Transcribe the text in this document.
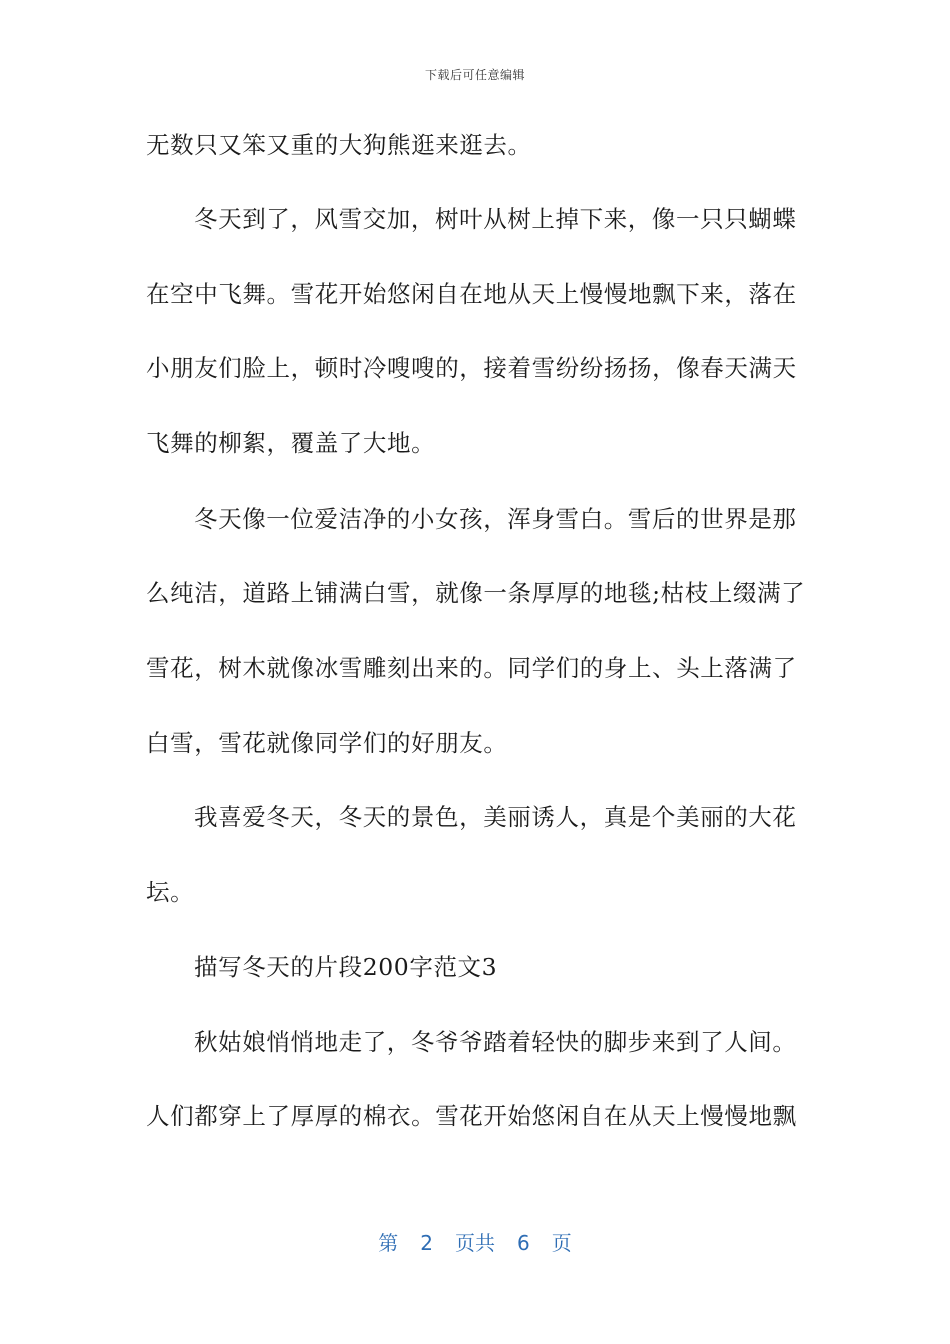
下载后可任意编辑
无数只又笨又重的大狗熊逛来逛去。
冬天到了，风雪交加，树叶从树上掉下来，像一只只蝴蝶
在空中飞舞。雪花开始悠闲自在地从天上慢慢地飘下来，落在
小朋友们脸上，顿时冷嗖嗖的，接着雪纷纷扬扬，像春天满天
飞舞的柳絮，覆盖了大地。
冬天像一位爱洁净的小女孩，浑身雪白。雪后的世界是那
么纯洁，道路上铺满白雪，就像一条厚厚的地毯;枯枝上缀满了
雪花，树木就像冰雪雕刻出来的。同学们的身上、头上落满了
白雪，雪花就像同学们的好朋友。
我喜爱冬天，冬天的景色，美丽诱人，真是个美丽的大花
坛。
描写冬天的片段200字范文3
秋姑娘悄悄地走了，冬爷爷踏着轻快的脚步来到了人间。
人们都穿上了厚厚的棉衣。雪花开始悠闲自在从天上慢慢地飘
第 2 页共 6 页
